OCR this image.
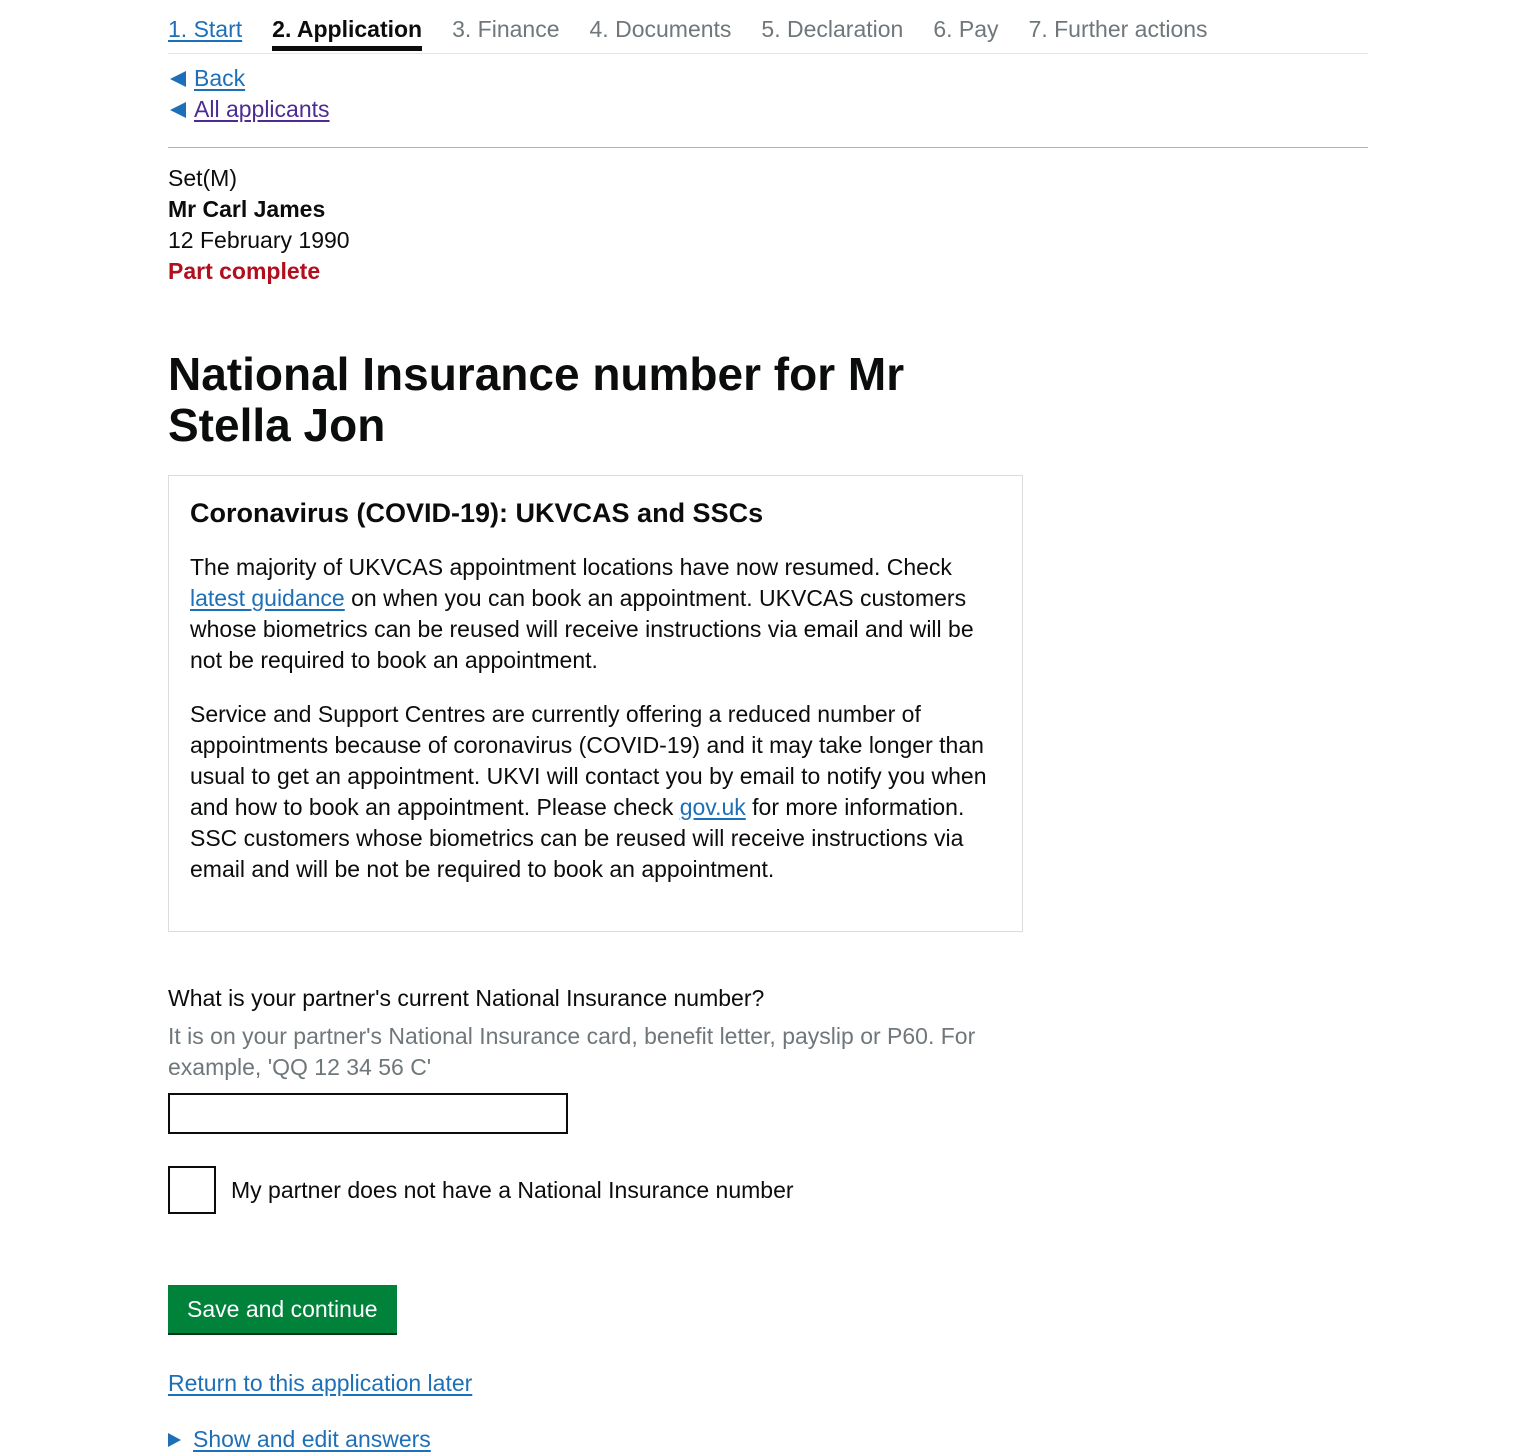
1. Start 2. Application 3. Finance 4. Documents 5. Declaration 6. Pay 7. Further actions
Back
All applicants
Set(M)
Mr Carl James
12 February 1990
Part complete
National Insurance number for Mr Stella Jon
Coronavirus (COVID-19): UKVCAS and SSCs

The majority of UKVCAS appointment locations have now resumed. Check latest guidance on when you can book an appointment. UKVCAS customers whose biometrics can be reused will receive instructions via email and will be not be required to book an appointment.

Service and Support Centres are currently offering a reduced number of appointments because of coronavirus (COVID-19) and it may take longer than usual to get an appointment. UKVI will contact you by email to notify you when and how to book an appointment. Please check gov.uk for more information. SSC customers whose biometrics can be reused will receive instructions via email and will be not be required to book an appointment.

What is your partner's current National Insurance number?
It is on your partner's National Insurance card, benefit letter, payslip or P60. For example, 'QQ 12 34 56 C'
My partner does not have a National Insurance number
Save and continue
Return to this application later
Show and edit answers
